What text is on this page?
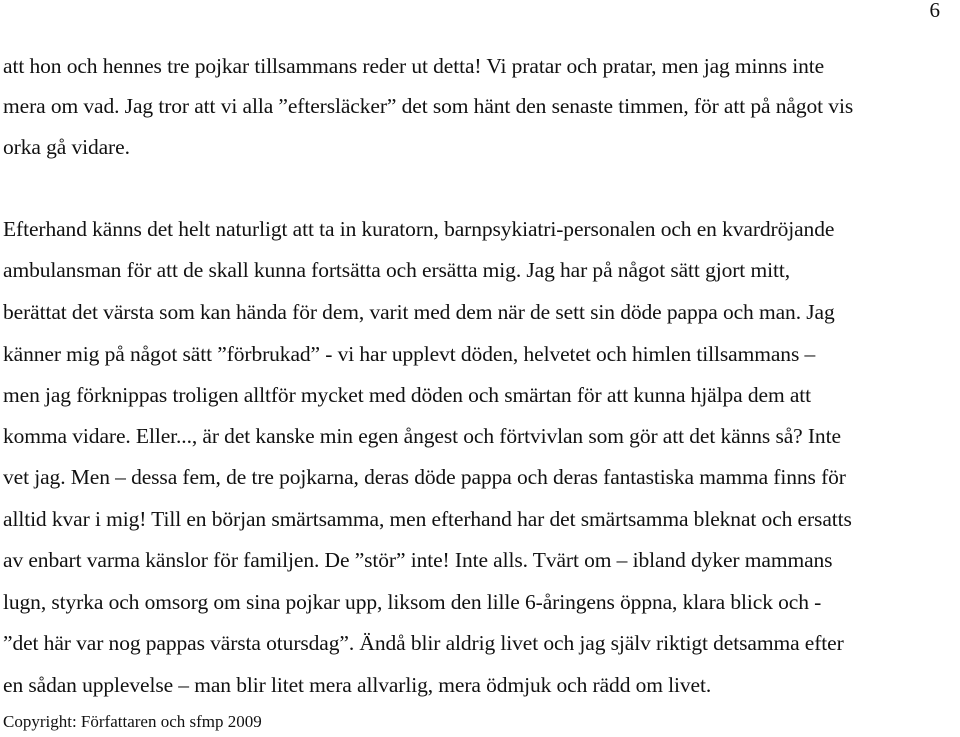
6
att hon och hennes tre pojkar tillsammans reder ut detta! Vi pratar och pratar, men jag minns inte
mera om vad. Jag tror att vi alla ”eftersläcker” det som hänt den senaste timmen, för att på något vis
orka gå vidare.
Efterhand känns det helt naturligt att ta in kuratorn, barnpsykiatri-personalen och en kvardröjande
ambulansman för att de skall kunna fortsätta och ersätta mig. Jag har på något sätt gjort mitt,
berättat det värsta som kan hända för dem, varit med dem när de sett sin döde pappa och man. Jag
känner mig på något sätt ”förbrukad” - vi har upplevt döden, helvetet och himlen tillsammans –
men jag förknippas troligen alltför mycket med döden och smärtan för att kunna hjälpa dem att
komma vidare. Eller..., är det kanske min egen ångest och förtvivlan som gör att det känns så? Inte
vet jag. Men – dessa fem, de tre pojkarna, deras döde pappa och deras fantastiska mamma finns för
alltid kvar i mig! Till en början smärtsamma, men efterhand har det smärtsamma bleknat och ersatts
av enbart varma känslor för familjen. De ”stör” inte! Inte alls. Tvärt om – ibland dyker mammans
lugn, styrka och omsorg om sina pojkar upp, liksom den lille 6-åringens öppna, klara blick och -
”det här var nog pappas värsta otursdag”. Ändå blir aldrig livet och jag själv riktigt detsamma efter
en sådan upplevelse – man blir litet mera allvarlig, mera ödmjuk och rädd om livet.
Copyright: Författaren och sfmp 2009
